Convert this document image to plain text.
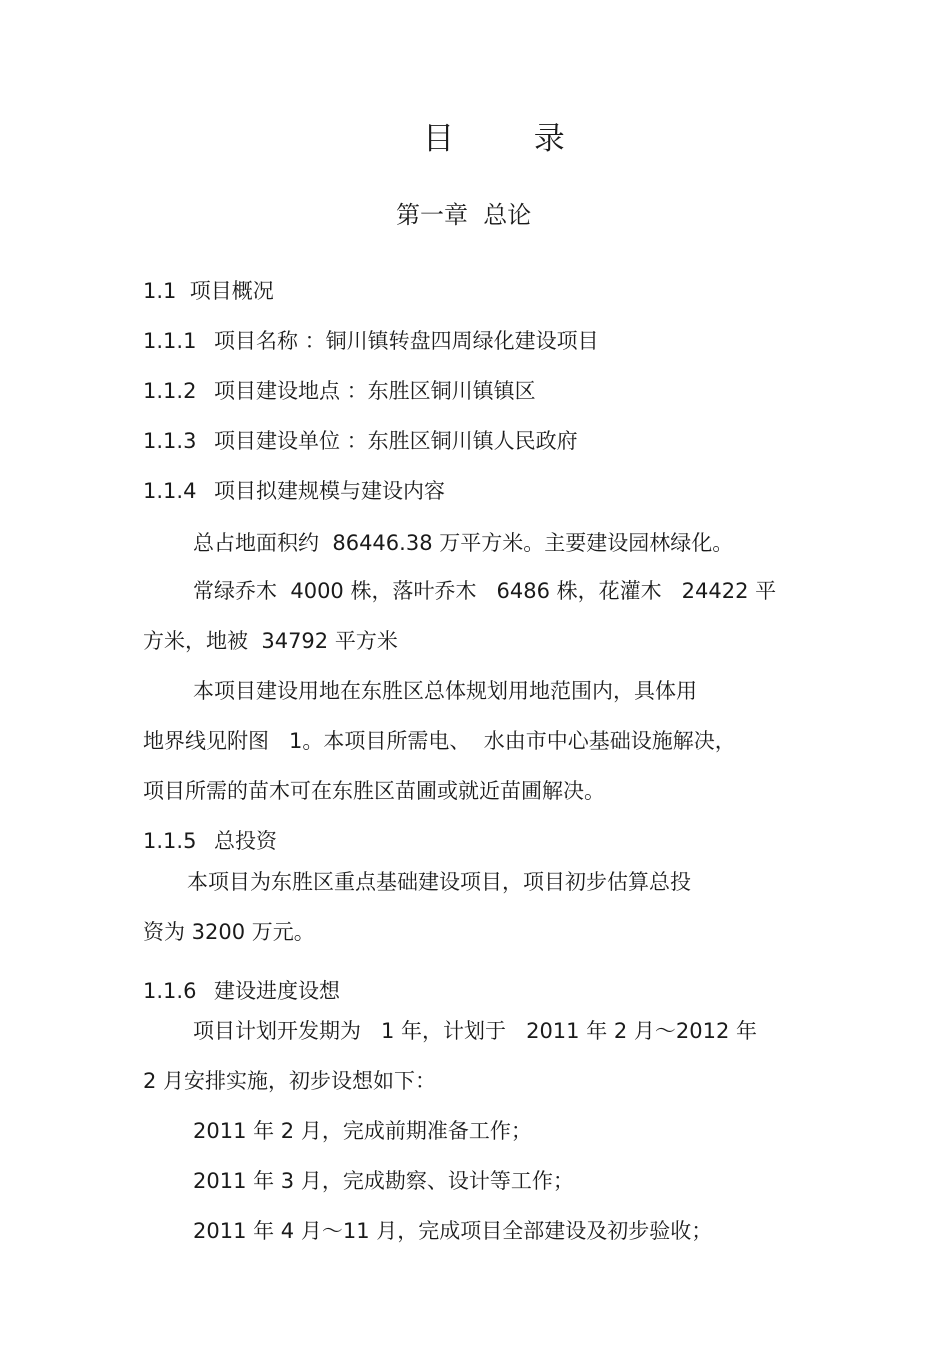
目  录
第一章  总论
1.1  项目概况
1.1.1 项目名称 ：铜川镇转盘四周绿化建设项目
1.1.2 项目建设地点 ：东胜区铜川镇镇区
1.1.3 项目建设单位 ：东胜区铜川镇人民政府
1.1.4 项目拟建规模与建设内容
总占地面积约  86446.38 万平方米。主要建设园林绿化。
常绿乔木  4000 株，落叶乔木   6486 株，花灌木   24422 平
方米，地被  34792 平方米
本项目建设用地在东胜区总体规划用地范围内，具体用
地界线见附图   1。本项目所需电、  水由市中心基础设施解决，
项目所需的苗木可在东胜区苗圃或就近苗圃解决。
1.1.5 总投资
本项目为东胜区重点基础建设项目，项目初步估算总投
资为 3200 万元。
1.1.6 建设进度设想
项目计划开发期为   1 年，计划于   2011 年 2 月～2012 年
2 月安排实施，初步设想如下：
2011 年 2 月，完成前期准备工作；
2011 年 3 月，完成勘察、设计等工作；
2011 年 4 月～11 月，完成项目全部建设及初步验收；
